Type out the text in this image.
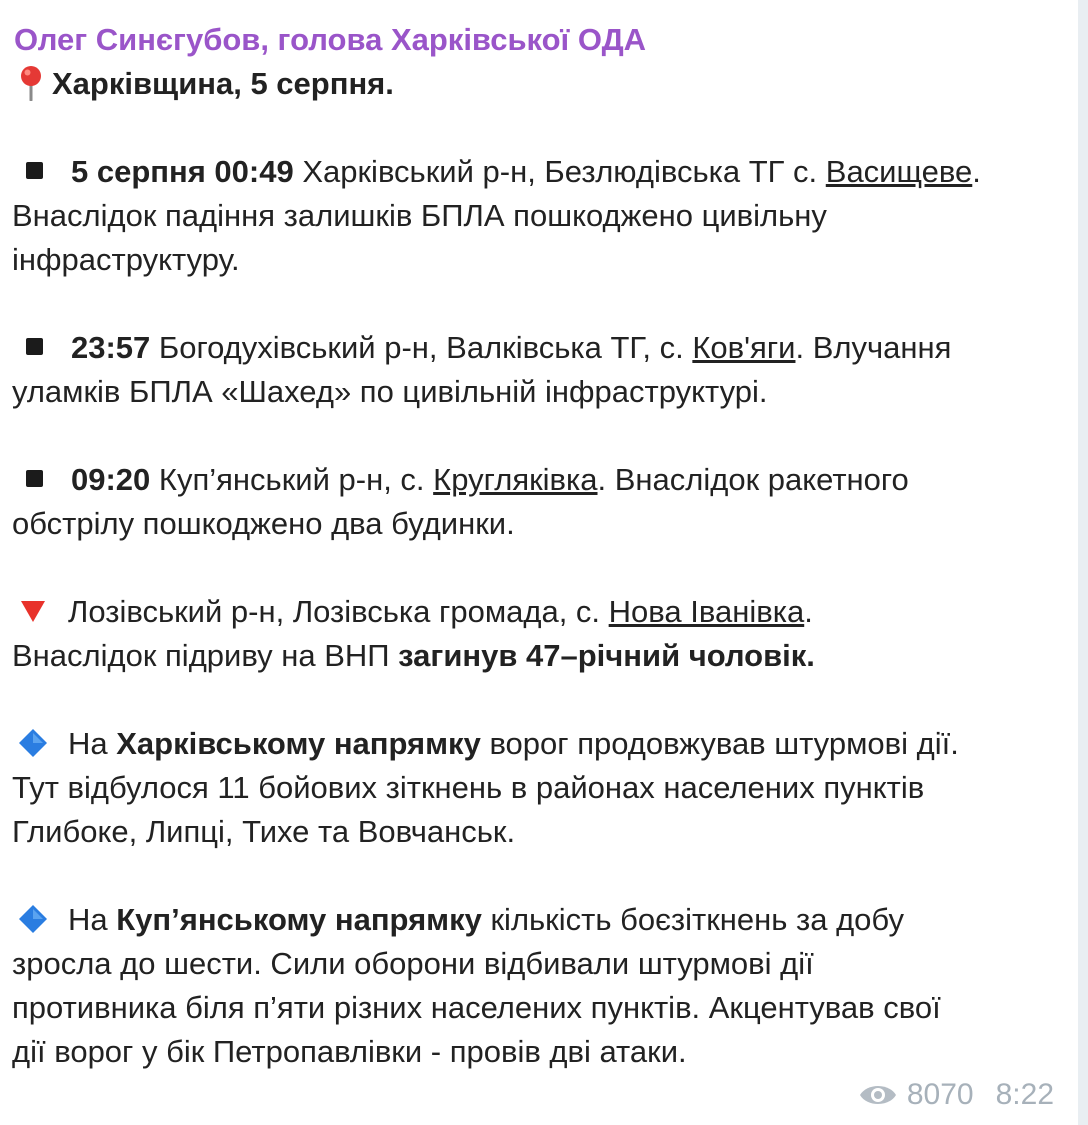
Олег Синєгубов, голова Харківської ОДА
Харківщина, 5 серпня.
5 серпня 00:49 Харківський р-н, Безлюдівська ТГ с. Васищеве.
Внаслідок падіння залишків БПЛА пошкоджено цивільну
інфраструктуру.
23:57 Богодухівський р-н, Валківська ТГ, с. Ков'яги. Влучання
уламків БПЛА «Шахед» по цивільній інфраструктурі.
09:20 Куп’янський р-н, с. Кругляківка. Внаслідок ракетного
обстрілу пошкоджено два будинки.
Лозівський р-н, Лозівська громада, с. Нова Іванівка.
Внаслідок підриву на ВНП загинув 47–річний чоловік.
На Харківському напрямку ворог продовжував штурмові дії.
Тут відбулося 11 бойових зіткнень в районах населених пунктів
Глибоке, Липці, Тихе та Вовчанськ.
На Куп’янському напрямку кількість боєзіткнень за добу
зросла до шести. Сили оборони відбивали штурмові дії
противника біля п’яти різних населених пунктів. Акцентував свої
дії ворог у бік Петропавлівки - провів дві атаки.
8070 8:22
